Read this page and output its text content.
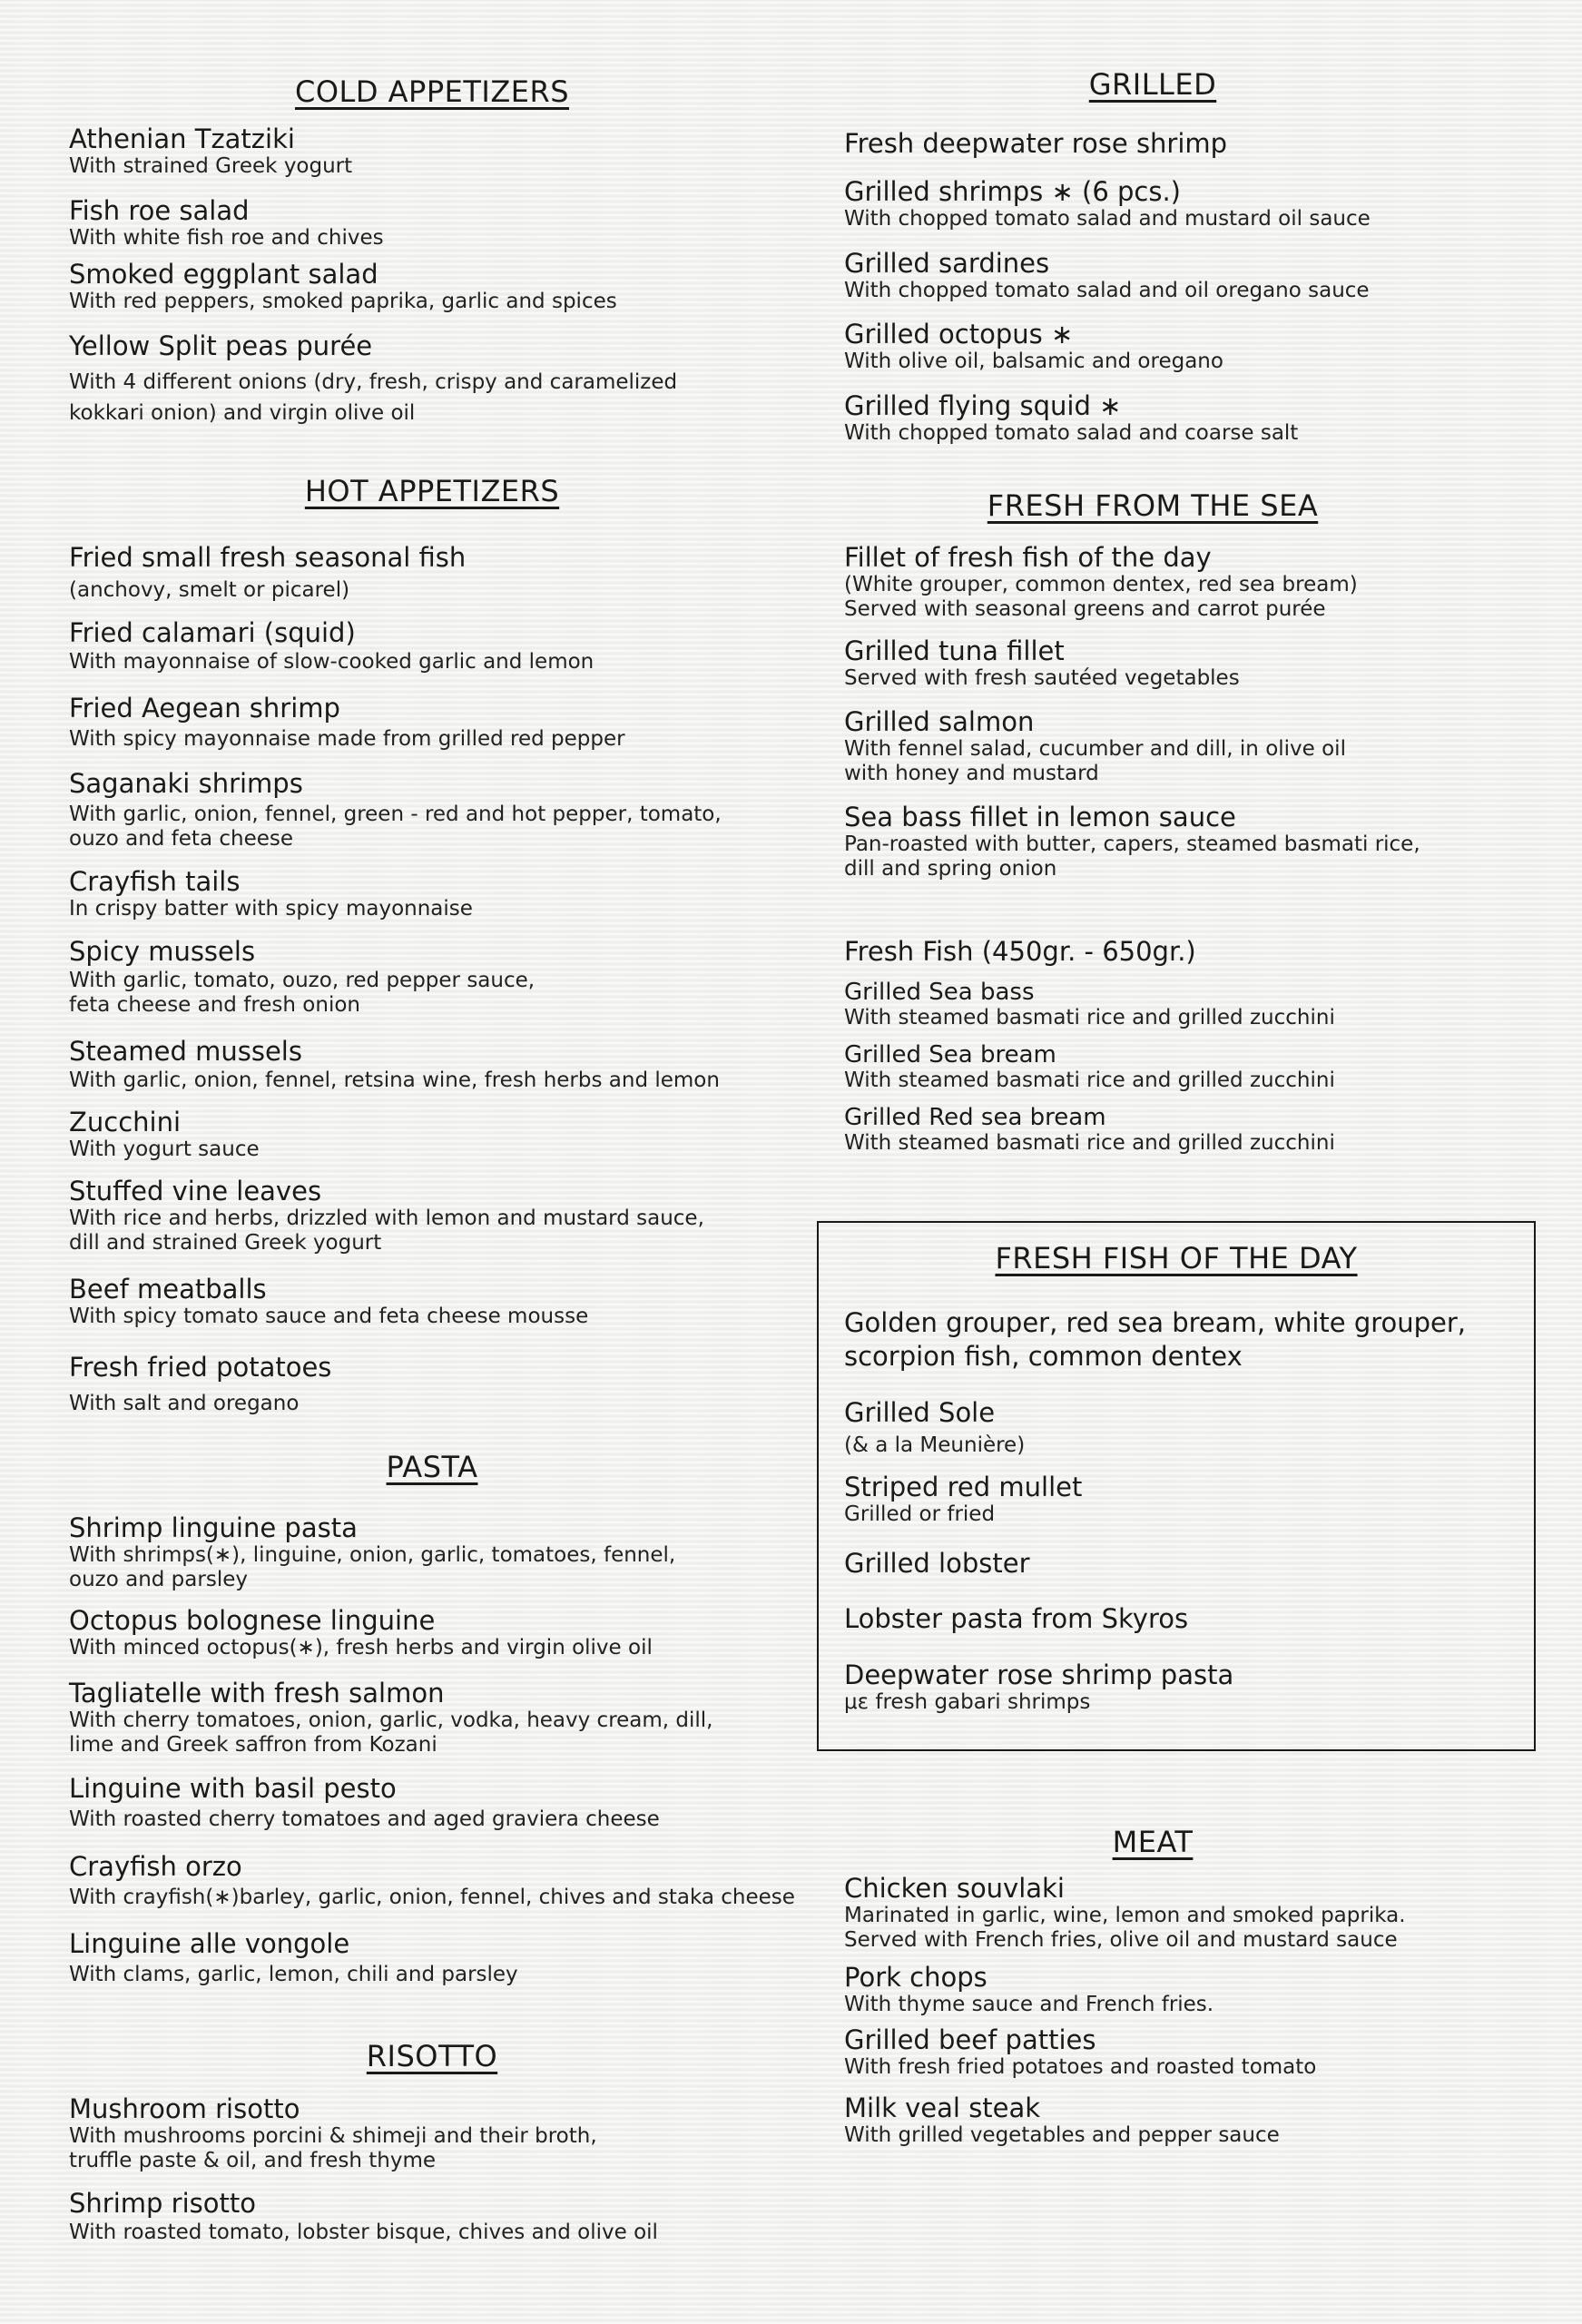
COLD APPETIZERS

Athenian Tzatziki

With strained Greek yogurt

Fish roe salad

With white fish roe and chives

Smoked eggplant salad

With red peppers, smoked paprika, garlic and spices

Yellow Split peas purée

With 4 different onions (dry, fresh, crispy and caramelized
kokkari onion) and virgin olive oil

HOT APPETIZERS

Fried small fresh seasonal fish

(anchovy, smelt or picarel)

Fried calamari (squid)

With mayonnaise of slow-cooked garlic and lemon

Fried Aegean shrimp

With spicy mayonnaise made from grilled red pepper

Saganaki shrimps

With garlic, onion, fennel, green - red and hot pepper, tomato,
ouzo and feta cheese

Crayfish tails

In crispy batter with spicy mayonnaise

Spicy mussels

With garlic, tomato, ouzo, red pepper sauce,
feta cheese and fresh onion

Steamed mussels

With garlic, onion, fennel, retsina wine, fresh herbs and lemon

Zucchini

With yogurt sauce

Stuffed vine leaves

With rice and herbs, drizzled with lemon and mustard sauce,
dill and strained Greek yogurt

Beef meatballs

With spicy tomato sauce and feta cheese mousse

Fresh fried potatoes

With salt and oregano

PASTA

Shrimp linguine pasta

With shrimps(∗), linguine, onion, garlic, tomatoes, fennel,
ouzo and parsley

Octopus bolognese linguine

With minced octopus(∗), fresh herbs and virgin olive oil

Tagliatelle with fresh salmon

With cherry tomatoes, onion, garlic, vodka, heavy cream, dill,
lime and Greek saffron from Kozani

Linguine with basil pesto

With roasted cherry tomatoes and aged graviera cheese

Crayfish orzo

With crayfish(∗)barley, garlic, onion, fennel, chives and staka cheese

Linguine alle vongole

With clams, garlic, lemon, chili and parsley

RISOTTO

Mushroom risotto

With mushrooms porcini & shimeji and their broth,
truffle paste & oil, and fresh thyme

Shrimp risotto

With roasted tomato, lobster bisque, chives and olive oil

GRILLED

Fresh deepwater rose shrimp

Grilled shrimps ∗ (6 pcs.)

With chopped tomato salad and mustard oil sauce

Grilled sardines

With chopped tomato salad and oil oregano sauce

Grilled octopus ∗

With olive oil, balsamic and oregano

Grilled flying squid ∗

With chopped tomato salad and coarse salt

FRESH FROM THE SEA

Fillet of fresh fish of the day

(White grouper, common dentex, red sea bream)
Served with seasonal greens and carrot purée

Grilled tuna fillet

Served with fresh sautéed vegetables

Grilled salmon

With fennel salad, cucumber and dill, in olive oil
with honey and mustard

Sea bass fillet in lemon sauce

Pan-roasted with butter, capers, steamed basmati rice,
dill and spring onion

Fresh Fish (450gr. - 650gr.)

Grilled Sea bass

With steamed basmati rice and grilled zucchini

Grilled Sea bream

With steamed basmati rice and grilled zucchini

Grilled Red sea bream

With steamed basmati rice and grilled zucchini

MEAT

Chicken souvlaki

Marinated in garlic, wine, lemon and smoked paprika.
Served with French fries, olive oil and mustard sauce

Pork chops

With thyme sauce and French fries.

Grilled beef patties

With fresh fried potatoes and roasted tomato

Milk veal steak

With grilled vegetables and pepper sauce

FRESH FISH OF THE DAY

Golden grouper, red sea bream, white grouper,
scorpion fish, common dentex

Grilled Sole

(& a la Meunière)

Striped red mullet

Grilled or fried

Grilled lobster

Lobster pasta from Skyros

Deepwater rose shrimp pasta

με fresh gabari shrimps
